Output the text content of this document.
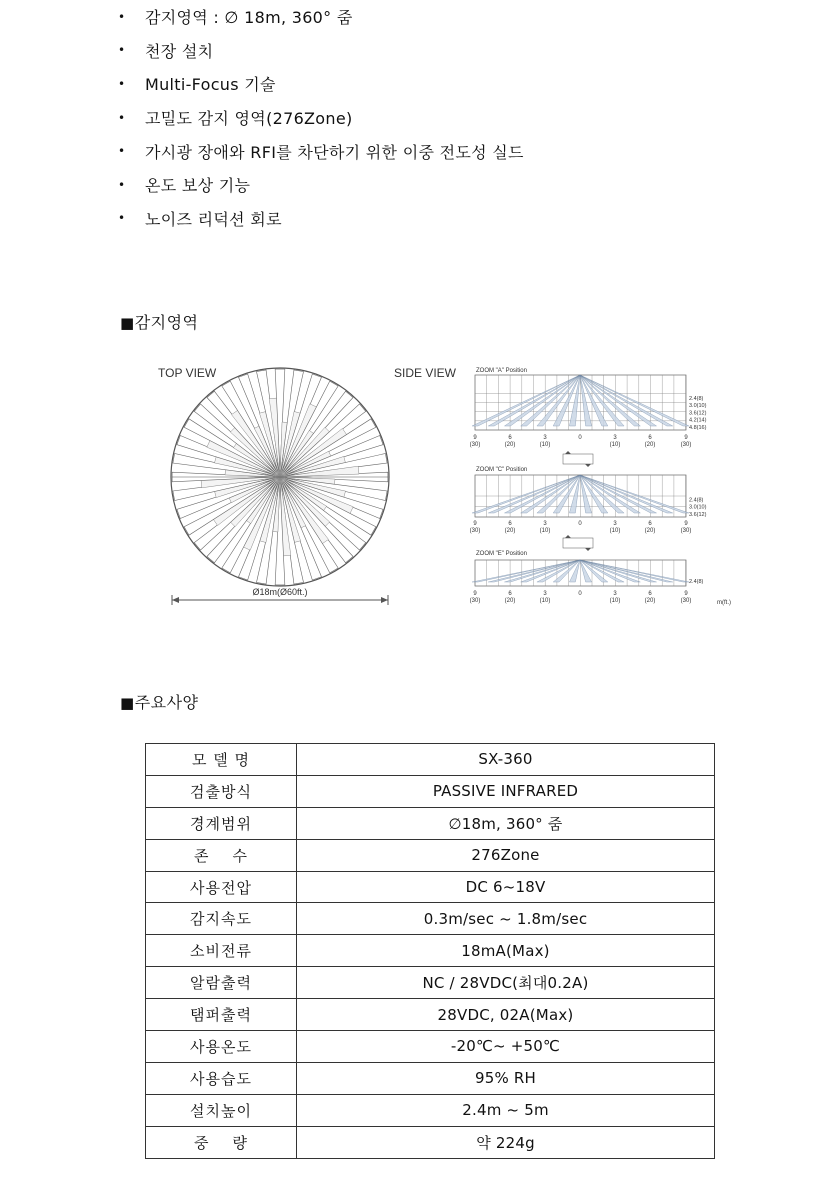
•	감지영역 : ∅ 18m, 360° 줌
•	천장 설치
•	Multi-Focus 기술
•	고밀도 감지 영역(276Zone)
•	가시광 장애와 RFI를 차단하기 위한 이중 전도성 실드
•	온도 보상 기능
•	노이즈 리덕션 회로
■감지영역
TOP VIEW
Ø18m(Ø60ft.)
SIDE VIEW	ZOOM "A" Position
ZOOM "C" Position
ZOOM "E" Position
m(ft.)
2.4(8)
3.0(10)
3.6(12)
4.2(14)
4.8(16)
9
(30)
6
(20)
3
(10)
0	3
(10)
6
(20)
9
(30)
2.4(8)
3.0(10)
3.6(12)
9
(30)
6
(20)
3
(10)
0	3
(10)
6
(20)
9
(30)
2.4(8)
9
(30)
6
(20)
3
(10)
0	3
(10)
6
(20)
9
(30)
■주요사양
모 델 명	SX-360
검출방식	PASSIVE INFRARED
경계범위	∅18m, 360° 줌
존    수	276Zone
사용전압	DC 6~18V
감지속도	0.3m/sec ~ 1.8m/sec
소비전류	18mA(Max)
알람출력	NC / 28VDC(최대0.2A)
탬퍼출력	28VDC, 02A(Max)
사용온도	-20℃~ +50℃
사용습도	95% RH
설치높이	2.4m ~ 5m
중    량	약 224g
